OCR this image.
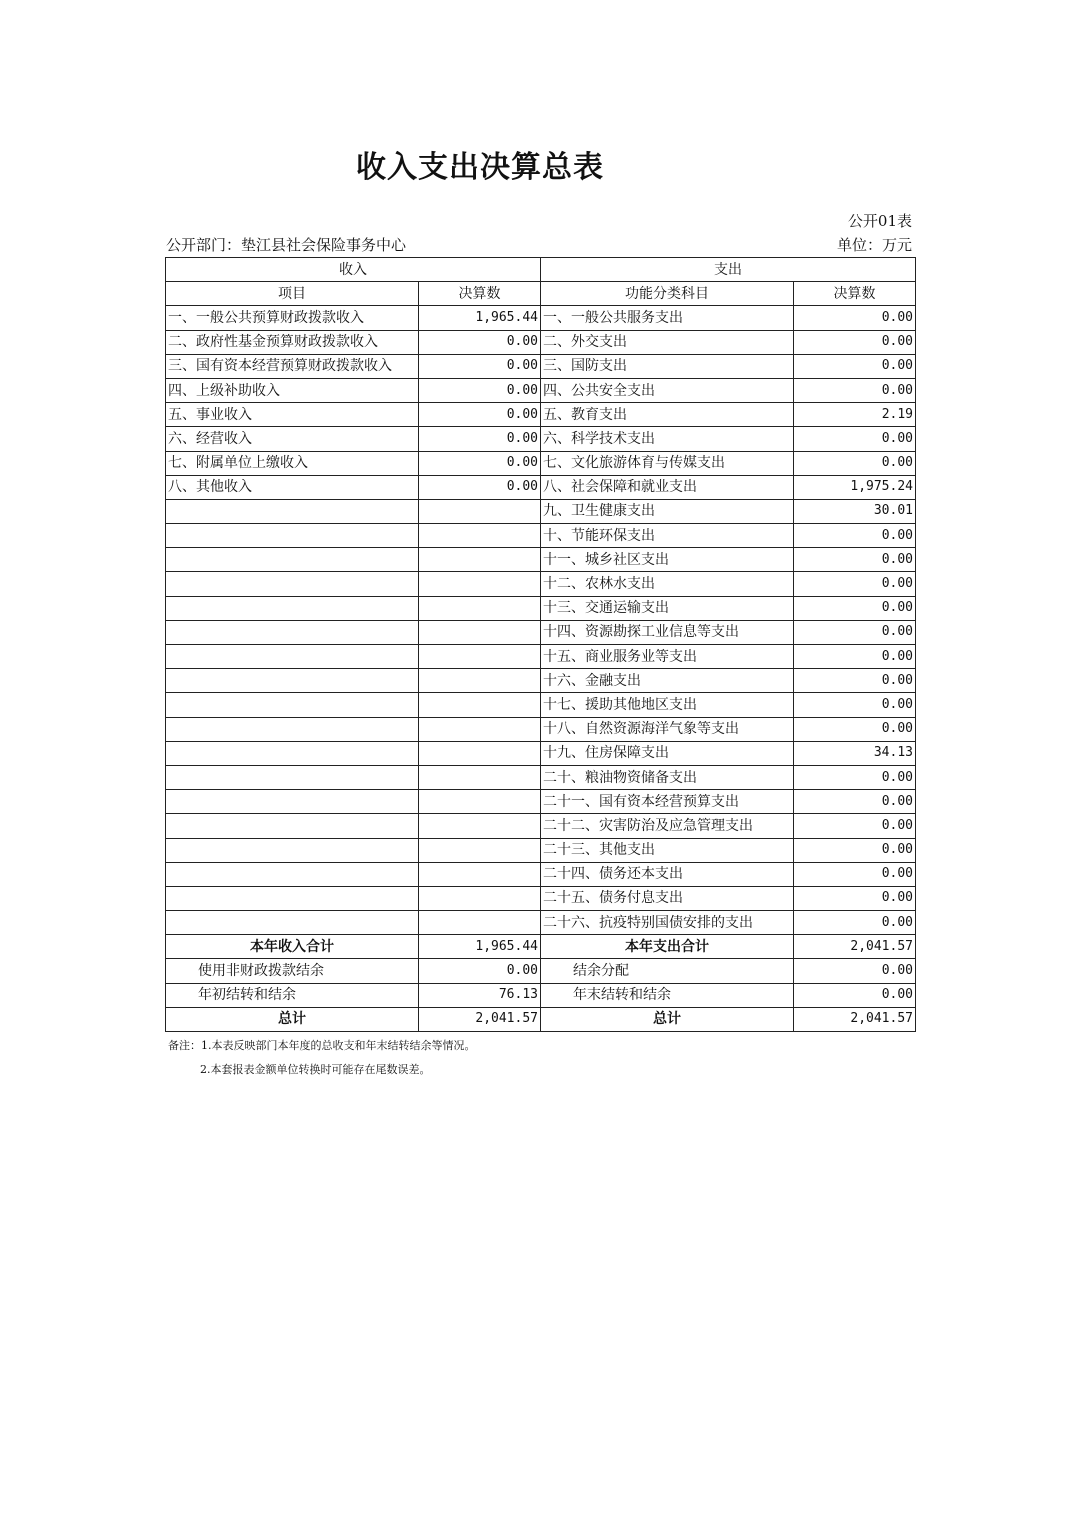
收入支出决算总表
公开01表
公开部门：垫江县社会保险事务中心	单位：万元
收入		支出	
项目	决算数	功能分类科目	决算数
一、一般公共预算财政拨款收入	1,965.44	一、一般公共服务支出	0.00
二、政府性基金预算财政拨款收入	0.00	二、外交支出	0.00
三、国有资本经营预算财政拨款收入	0.00	三、国防支出	0.00
四、上级补助收入	0.00	四、公共安全支出	0.00
五、事业收入	0.00	五、教育支出	2.19
六、经营收入	0.00	六、科学技术支出	0.00
七、附属单位上缴收入	0.00	七、文化旅游体育与传媒支出	0.00
八、其他收入	0.00	八、社会保障和就业支出	1,975.24
		九、卫生健康支出	30.01
		十、节能环保支出	0.00
		十一、城乡社区支出	0.00
		十二、农林水支出	0.00
		十三、交通运输支出	0.00
		十四、资源勘探工业信息等支出	0.00
		十五、商业服务业等支出	0.00
		十六、金融支出	0.00
		十七、援助其他地区支出	0.00
		十八、自然资源海洋气象等支出	0.00
		十九、住房保障支出	34.13
		二十、粮油物资储备支出	0.00
		二十一、国有资本经营预算支出	0.00
		二十二、灾害防治及应急管理支出	0.00
		二十三、其他支出	0.00
		二十四、债务还本支出	0.00
		二十五、债务付息支出	0.00
		二十六、抗疫特别国债安排的支出	0.00
本年收入合计	1,965.44	本年支出合计	2,041.57
使用非财政拨款结余	0.00	结余分配	0.00
年初结转和结余	76.13	年末结转和结余	0.00
总计	2,041.57	总计	2,041.57
备注：1.本表反映部门本年度的总收支和年末结转结余等情况。
2.本套报表金额单位转换时可能存在尾数误差。
